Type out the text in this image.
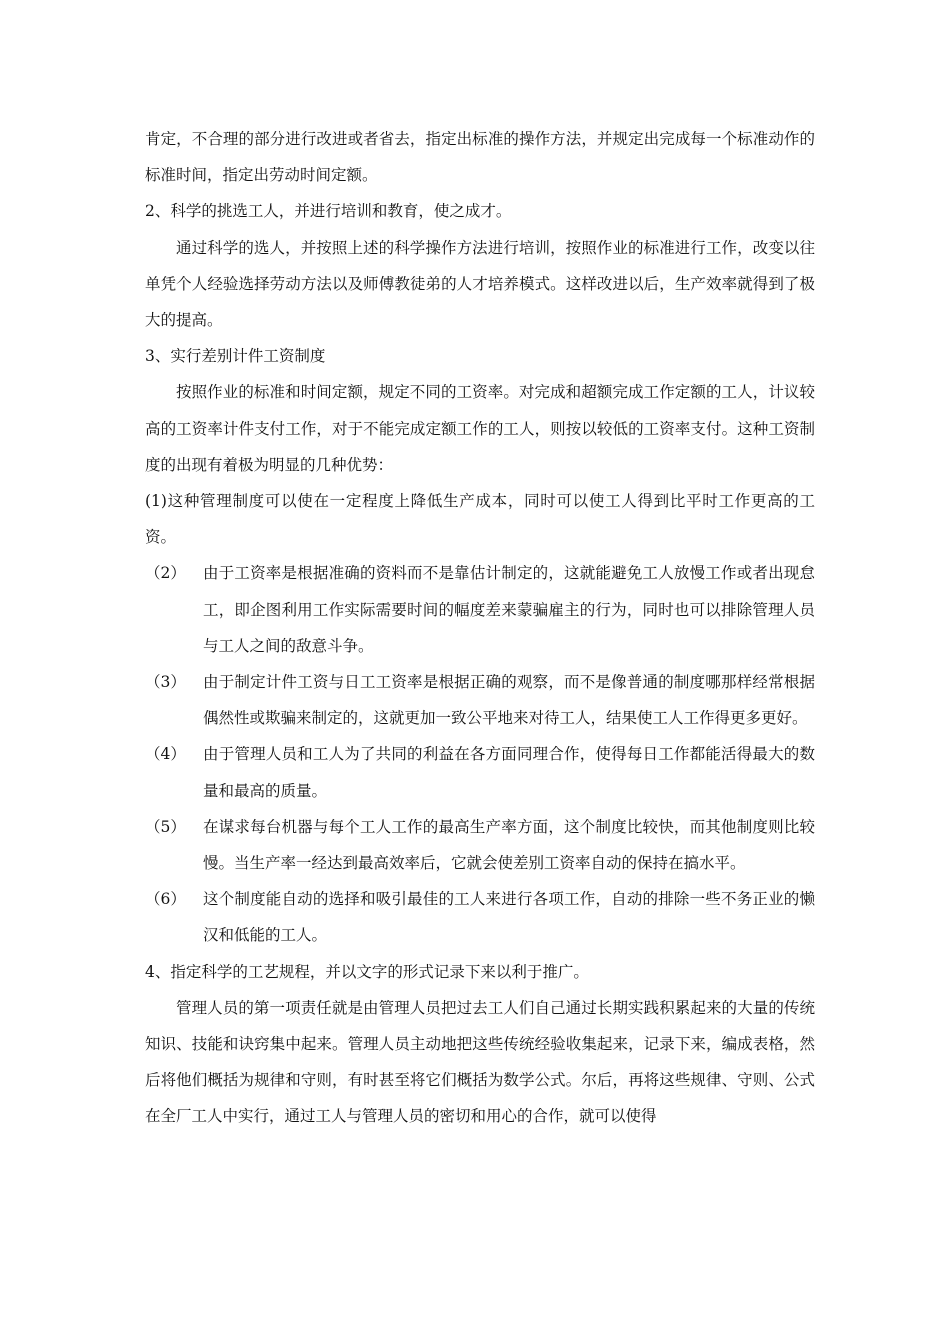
肯定，不合理的部分进行改进或者省去，指定出标准的操作方法，并规定出完成每一个标准动作的标准时间，指定出劳动时间定额。

2、科学的挑选工人，并进行培训和教育，使之成才。

通过科学的选人，并按照上述的科学操作方法进行培训，按照作业的标准进行工作，改变以往单凭个人经验选择劳动方法以及师傅教徒弟的人才培养模式。这样改进以后，生产效率就得到了极大的提高。

3、实行差别计件工资制度

按照作业的标准和时间定额，规定不同的工资率。对完成和超额完成工作定额的工人，计议较高的工资率计件支付工作，对于不能完成定额工作的工人，则按以较低的工资率支付。这种工资制度的出现有着极为明显的几种优势：

(1)这种管理制度可以使在一定程度上降低生产成本，同时可以使工人得到比平时工作更高的工资。

（2）	由于工资率是根据准确的资料而不是靠估计制定的，这就能避免工人放慢工作或者出现怠工，即企图利用工作实际需要时间的幅度差来蒙骗雇主的行为，同时也可以排除管理人员与工人之间的敌意斗争。
（3）	由于制定计件工资与日工工资率是根据正确的观察，而不是像普通的制度哪那样经常根据偶然性或欺骗来制定的，这就更加一致公平地来对待工人，结果使工人工作得更多更好。
（4）	由于管理人员和工人为了共同的利益在各方面同理合作，使得每日工作都能活得最大的数量和最高的质量。
（5）	在谋求每台机器与每个工人工作的最高生产率方面，这个制度比较快，而其他制度则比较慢。当生产率一经达到最高效率后，它就会使差别工资率自动的保持在搞水平。
（6）	这个制度能自动的选择和吸引最佳的工人来进行各项工作，自动的排除一些不务正业的懒汉和低能的工人。

4、指定科学的工艺规程，并以文字的形式记录下来以利于推广。

管理人员的第一项责任就是由管理人员把过去工人们自己通过长期实践积累起来的大量的传统知识、技能和诀窍集中起来。管理人员主动地把这些传统经验收集起来，记录下来，编成表格，然后将他们概括为规律和守则，有时甚至将它们概括为数学公式。尔后，再将这些规律、守则、公式在全厂工人中实行，通过工人与管理人员的密切和用心的合作，就可以使得
